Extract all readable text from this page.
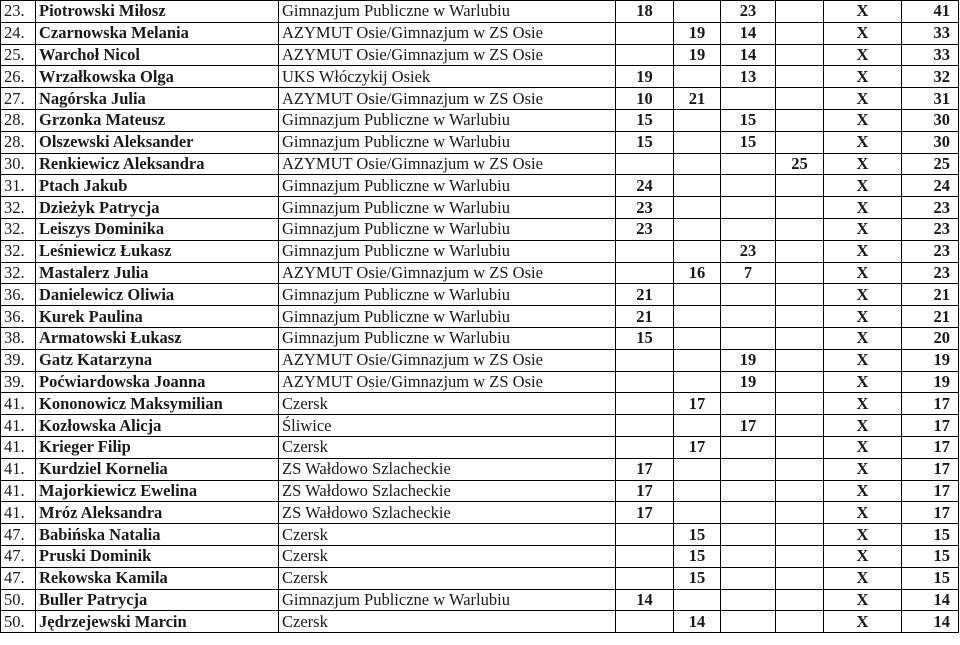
23.	Piotrowski Miłosz	Gimnazjum Publiczne w Warlubiu	18		23		X	41
24.	Czarnowska Melania	AZYMUT Osie/Gimnazjum w ZS Osie		19	14		X	33
25.	Warchoł Nicol	AZYMUT Osie/Gimnazjum w ZS Osie		19	14		X	33
26.	Wrzałkowska Olga	UKS Włóczykij Osiek	19		13		X	32
27.	Nagórska Julia	AZYMUT Osie/Gimnazjum w ZS Osie	10	21			X	31
28.	Grzonka Mateusz	Gimnazjum Publiczne w Warlubiu	15		15		X	30
28.	Olszewski Aleksander	Gimnazjum Publiczne w Warlubiu	15		15		X	30
30.	Renkiewicz Aleksandra	AZYMUT Osie/Gimnazjum w ZS Osie				25	X	25
31.	Ptach Jakub	Gimnazjum Publiczne w Warlubiu	24				X	24
32.	Dzieżyk Patrycja	Gimnazjum Publiczne w Warlubiu	23				X	23
32.	Leiszys Dominika	Gimnazjum Publiczne w Warlubiu	23				X	23
32.	Leśniewicz Łukasz	Gimnazjum Publiczne w Warlubiu			23		X	23
32.	Mastalerz Julia	AZYMUT Osie/Gimnazjum w ZS Osie		16	7		X	23
36.	Danielewicz Oliwia	Gimnazjum Publiczne w Warlubiu	21				X	21
36.	Kurek Paulina	Gimnazjum Publiczne w Warlubiu	21				X	21
38.	Armatowski Łukasz	Gimnazjum Publiczne w Warlubiu	15				X	20
39.	Gatz Katarzyna	AZYMUT Osie/Gimnazjum w ZS Osie			19		X	19
39.	Poćwiardowska Joanna	AZYMUT Osie/Gimnazjum w ZS Osie			19		X	19
41.	Kononowicz Maksymilian	Czersk		17			X	17
41.	Kozłowska Alicja	Śliwice			17		X	17
41.	Krieger Filip	Czersk		17			X	17
41.	Kurdziel Kornelia	ZS Wałdowo Szlacheckie	17				X	17
41.	Majorkiewicz Ewelina	ZS Wałdowo Szlacheckie	17				X	17
41.	Mróz Aleksandra	ZS Wałdowo Szlacheckie	17				X	17
47.	Babińska Natalia	Czersk		15			X	15
47.	Pruski Dominik	Czersk		15			X	15
47.	Rekowska Kamila	Czersk		15			X	15
50.	Buller Patrycja	Gimnazjum Publiczne w Warlubiu	14				X	14
50.	Jędrzejewski Marcin	Czersk		14			X	14
